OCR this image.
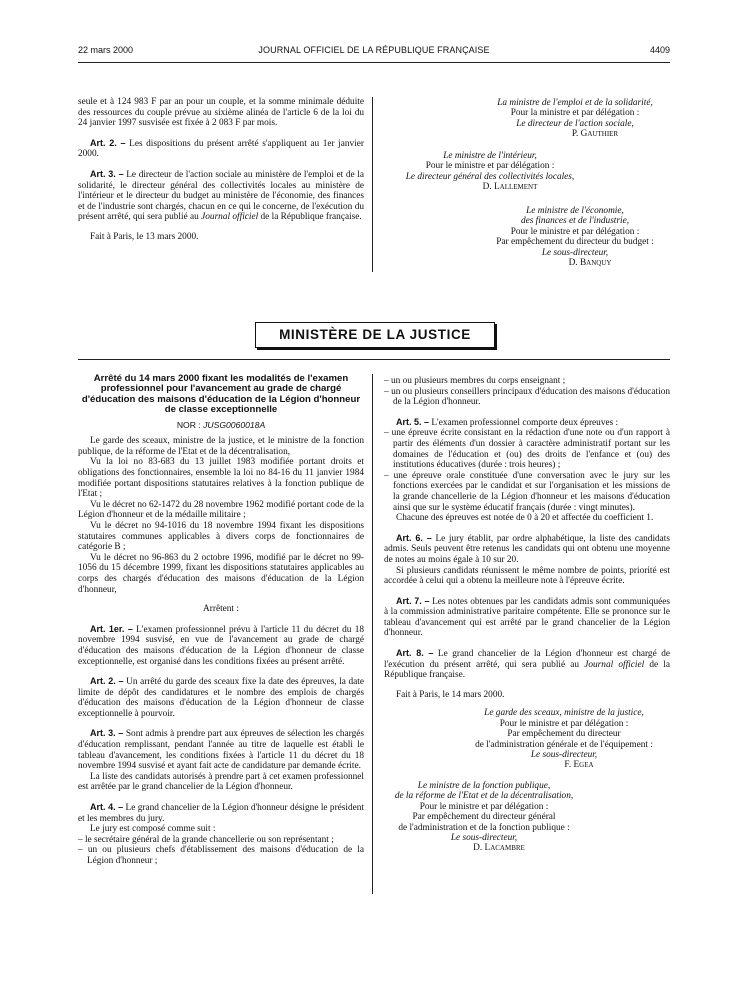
22 mars 2000	JOURNAL OFFICIEL DE LA RÉPUBLIQUE FRANÇAISE	4409

seule et à 124 983 F par an pour un couple, et la somme minimale déduite des ressources du couple prévue au sixième alinéa de l'article 6 de la loi du 24 janvier 1997 susvisée est fixée à 2 083 F par mois.

Art. 2. – Les dispositions du présent arrêté s'appliquent au 1er janvier 2000.

Art. 3. – Le directeur de l'action sociale au ministère de l'emploi et de la solidarité, le directeur général des collectivités locales au ministère de l'intérieur et le directeur du budget au ministère de l'économie, des finances et de l'industrie sont chargés, chacun en ce qui le concerne, de l'exécution du présent arrêté, qui sera publié au Journal officiel de la République française.

Fait à Paris, le 13 mars 2000.

La ministre de l'emploi et de la solidarité,
Pour la ministre et par délégation :
Le directeur de l'action sociale,
P. Gauthier
Le ministre de l'intérieur,
Pour le ministre et par délégation :
Le directeur général des collectivités locales,
D. Lallement
Le ministre de l'économie,
des finances et de l'industrie,
Pour le ministre et par délégation :
Par empêchement du directeur du budget :
Le sous-directeur,
D. Banquy
MINISTÈRE DE LA JUSTICE
Arrêté du 14 mars 2000 fixant les modalités de l'examen professionnel pour l'avancement au grade de chargé d'éducation des maisons d'éducation de la Légion d'honneur de classe exceptionnelle
NOR : JUSG0060018A

Le garde des sceaux, ministre de la justice, et le ministre de la fonction publique, de la réforme de l'Etat et de la décentralisation,

Vu la loi no 83-683 du 13 juillet 1983 modifiée portant droits et obligations des fonctionnaires, ensemble la loi no 84-16 du 11 janvier 1984 modifiée portant dispositions statutaires relatives à la fonction publique de l'Etat ;

Vu le décret no 62-1472 du 28 novembre 1962 modifié portant code de la Légion d'honneur et de la médaille militaire ;

Vu le décret no 94-1016 du 18 novembre 1994 fixant les dispositions statutaires communes applicables à divers corps de fonctionnaires de catégorie B ;

Vu le décret no 96-863 du 2 octobre 1996, modifié par le décret no 99-1056 du 15 décembre 1999, fixant les dispositions statutaires applicables au corps des chargés d'éducation des maisons d'éducation de la Légion d'honneur,

Arrêtent :

Art. 1er. – L'examen professionnel prévu à l'article 11 du décret du 18 novembre 1994 susvisé, en vue de l'avancement au grade de chargé d'éducation des maisons d'éducation de la Légion d'honneur de classe exceptionnelle, est organisé dans les conditions fixées au présent arrêté.

Art. 2. – Un arrêté du garde des sceaux fixe la date des épreuves, la date limite de dépôt des candidatures et le nombre des emplois de chargés d'éducation des maisons d'éducation de la Légion d'honneur de classe exceptionnelle à pourvoir.

Art. 3. – Sont admis à prendre part aux épreuves de sélection les chargés d'éducation remplissant, pendant l'année au titre de laquelle est établi le tableau d'avancement, les conditions fixées à l'article 11 du décret du 18 novembre 1994 susvisé et ayant fait acte de candidature par demande écrite.

La liste des candidats autorisés à prendre part à cet examen professionnel est arrêtée par le grand chancelier de la Légion d'honneur.

Art. 4. – Le grand chancelier de la Légion d'honneur désigne le président et les membres du jury.

Le jury est composé comme suit :

– le secrétaire général de la grande chancellerie ou son représentant ;

– un ou plusieurs chefs d'établissement des maisons d'éducation de la Légion d'honneur ;

– un ou plusieurs membres du corps enseignant ;

– un ou plusieurs conseillers principaux d'éducation des maisons d'éducation de la Légion d'honneur.

Art. 5. – L'examen professionnel comporte deux épreuves :

– une épreuve écrite consistant en la rédaction d'une note ou d'un rapport à partir des éléments d'un dossier à caractère administratif portant sur les domaines de l'éducation et (ou) des droits de l'enfance et (ou) des institutions éducatives (durée : trois heures) ;

– une épreuve orale constituée d'une conversation avec le jury sur les fonctions exercées par le candidat et sur l'organisation et les missions de la grande chancellerie de la Légion d'honneur et les maisons d'éducation ainsi que sur le système éducatif français (durée : vingt minutes).

Chacune des épreuves est notée de 0 à 20 et affectée du coefficient 1.

Art. 6. – Le jury établit, par ordre alphabétique, la liste des candidats admis. Seuls peuvent être retenus les candidats qui ont obtenu une moyenne de notes au moins égale à 10 sur 20.

Si plusieurs candidats réunissent le même nombre de points, priorité est accordée à celui qui a obtenu la meilleure note à l'épreuve écrite.

Art. 7. – Les notes obtenues par les candidats admis sont communiquées à la commission administrative paritaire compétente. Elle se prononce sur le tableau d'avancement qui est arrêté par le grand chancelier de la Légion d'honneur.

Art. 8. – Le grand chancelier de la Légion d'honneur est chargé de l'exécution du présent arrêté, qui sera publié au Journal officiel de la République française.

Fait à Paris, le 14 mars 2000.

Le garde des sceaux, ministre de la justice,
Pour le ministre et par délégation :
Par empêchement du directeur
de l'administration générale et de l'équipement :
Le sous-directeur,
F. Egea
Le ministre de la fonction publique,
de la réforme de l'Etat et de la décentralisation,
Pour le ministre et par délégation :
Par empêchement du directeur général
de l'administration et de la fonction publique :
Le sous-directeur,
D. Lacambre
